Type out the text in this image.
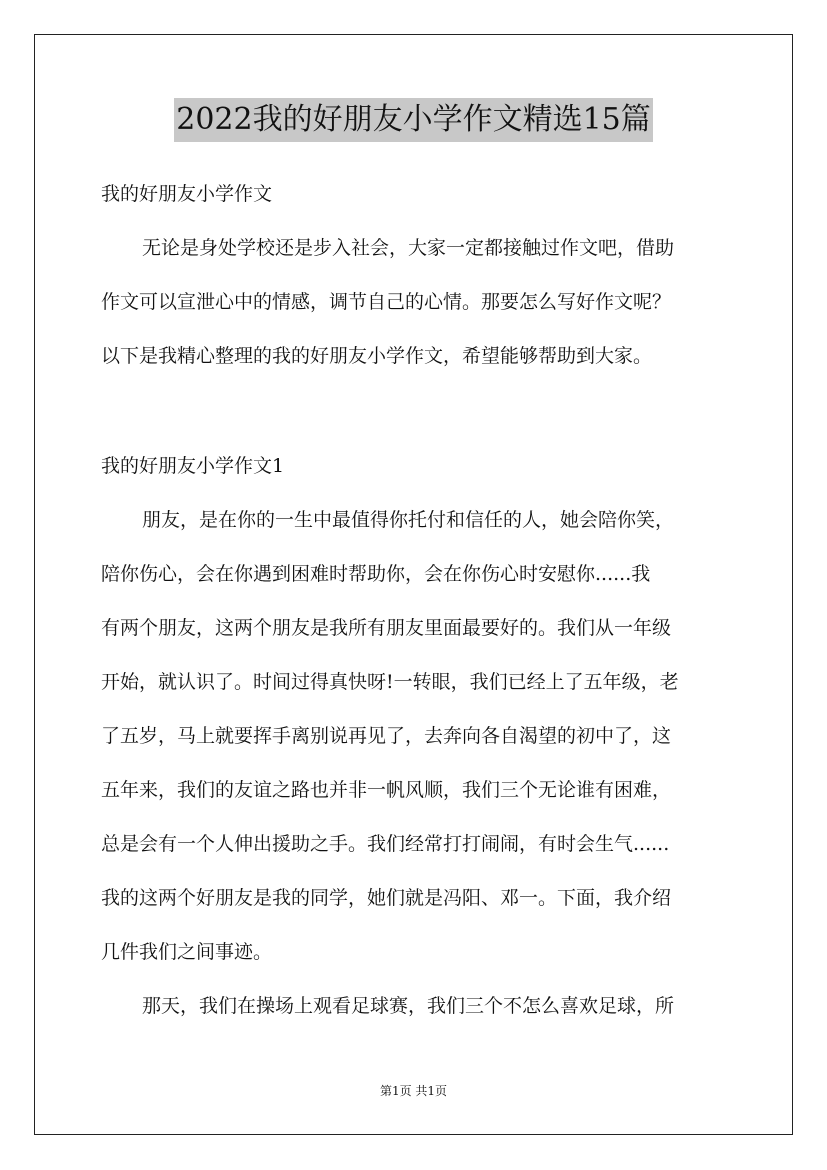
2022我的好朋友小学作文精选15篇
我的好朋友小学作文
无论是身处学校还是步入社会，大家一定都接触过作文吧，借助
作文可以宣泄心中的情感，调节自己的心情。那要怎么写好作文呢？
以下是我精心整理的我的好朋友小学作文，希望能够帮助到大家。
我的好朋友小学作文1
朋友，是在你的一生中最值得你托付和信任的人，她会陪你笑，
陪你伤心，会在你遇到困难时帮助你，会在你伤心时安慰你......我
有两个朋友，这两个朋友是我所有朋友里面最要好的。我们从一年级
开始，就认识了。时间过得真快呀!一转眼，我们已经上了五年级，老
了五岁，马上就要挥手离别说再见了，去奔向各自渴望的初中了，这
五年来，我们的友谊之路也并非一帆风顺，我们三个无论谁有困难，
总是会有一个人伸出援助之手。我们经常打打闹闹，有时会生气......
我的这两个好朋友是我的同学，她们就是冯阳、邓一。下面，我介绍
几件我们之间事迹。
那天，我们在操场上观看足球赛，我们三个不怎么喜欢足球，所
第1页 共1页
